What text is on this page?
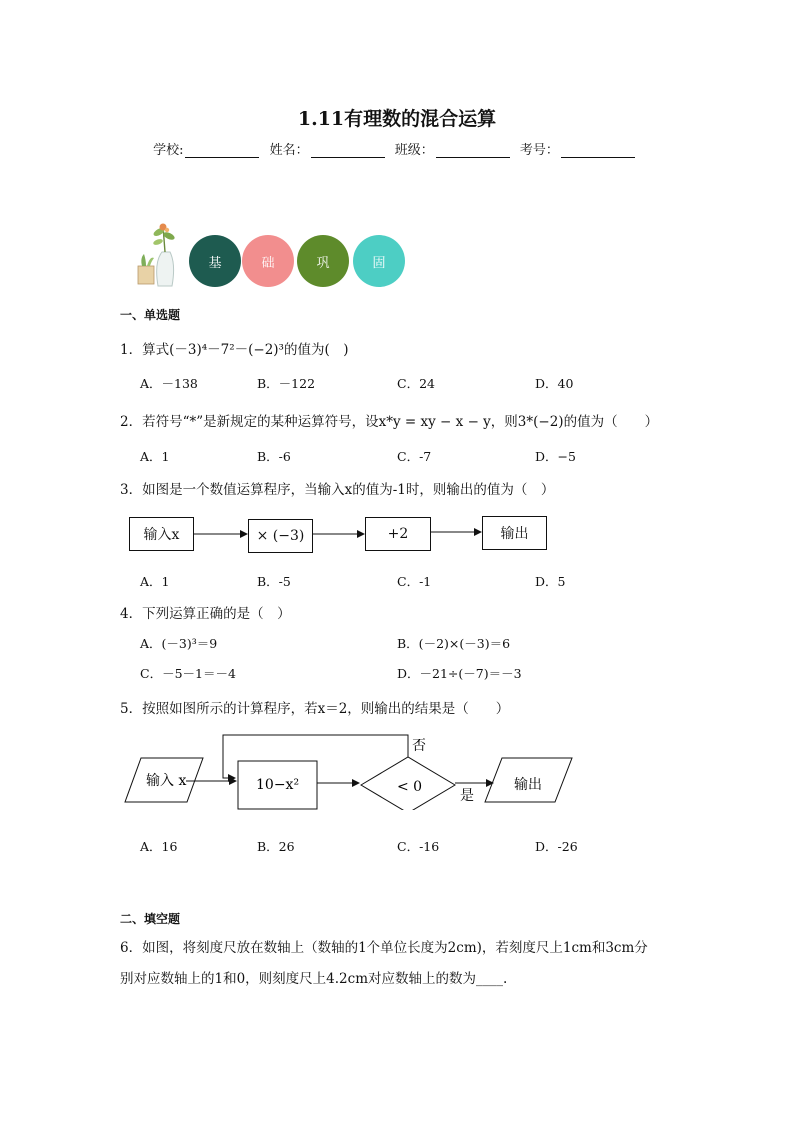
1.11有理数的混合运算
学校:	姓名：	班级：	考号：
基	础	巩	固
一、单选题
1．算式(－3)⁴－7²－(−2)³的值为(　)
A．－138	B．－122	C．24	D．40
2．若符号“*”是新规定的某种运算符号，设x*y = xy − x − y，则3*(−2)的值为（　　）
A．1	B．-6	C．-7	D．−5
3．如图是一个数值运算程序，当输入x的值为-1时，则输出的值为（　）
输入x	× (−3)	+2	输出
A．1	B．-5	C．-1	D．5
4．下列运算正确的是（　）
A．(－3)³＝9	B．(－2)×(－3)＝6
C．－5－1＝－4	D．－21÷(－7)＝－3
5．按照如图所示的计算程序，若x＝2，则输出的结果是（　　）
输入 x	10−x²	< 0	输出
否
是
A．16	B．26	C．-16	D．-26
二、填空题
6．如图，将刻度尺放在数轴上（数轴的1个单位长度为2cm)，若刻度尺上1cm和3cm分
别对应数轴上的1和0，则刻度尺上4.2cm对应数轴上的数为____.
